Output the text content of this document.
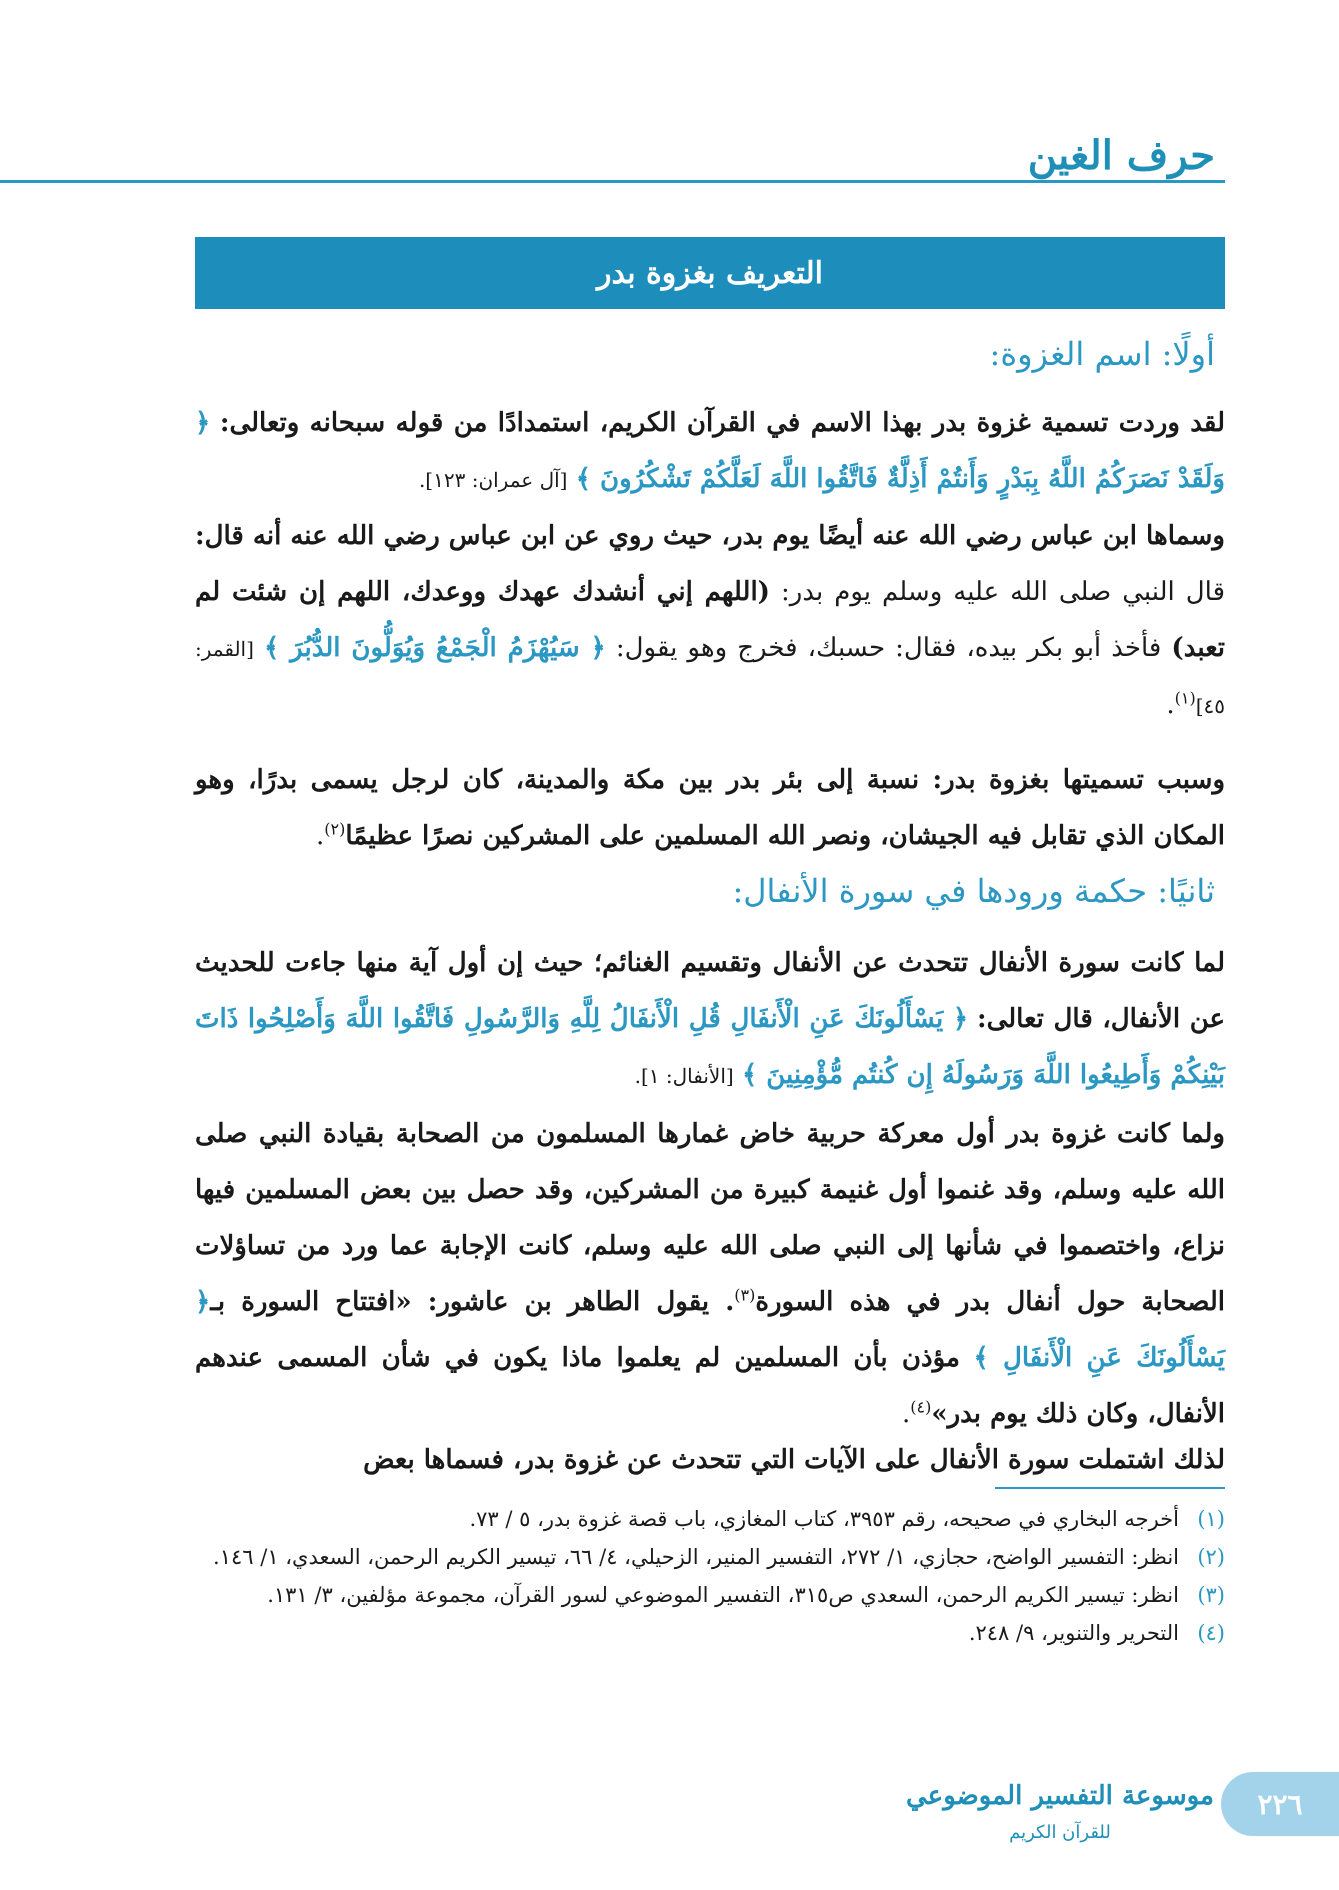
حرف الغين
التعريف بغزوة بدر
أولًا: اسم الغزوة:
لقد وردت تسمية غزوة بدر بهذا الاسم في القرآن الكريم، استمدادًا من قوله سبحانه وتعالى: ﴿ وَلَقَدْ نَصَرَكُمُ اللَّهُ بِبَدْرٍ وَأَنتُمْ أَذِلَّةٌ فَاتَّقُوا اللَّهَ لَعَلَّكُمْ تَشْكُرُونَ ﴾ [آل عمران: ١٢٣].
وسماها ابن عباس رضي الله عنه أيضًا يوم بدر، حيث روي عن ابن عباس رضي الله عنه أنه قال: قال النبي صلى الله عليه وسلم يوم بدر: (اللهم إني أنشدك عهدك ووعدك، اللهم إن شئت لم تعبد) فأخذ أبو بكر بيده، فقال: حسبك، فخرج وهو يقول: ﴿ سَيُهْزَمُ الْجَمْعُ وَيُوَلُّونَ الدُّبُرَ ﴾ [القمر: ٤٥]$^{(١)}$.
وسبب تسميتها بغزوة بدر: نسبة إلى بئر بدر بين مكة والمدينة، كان لرجل يسمى بدرًا، وهو المكان الذي تقابل فيه الجيشان، ونصر الله المسلمين على المشركين نصرًا عظيمًا$^{(٢)}$.
ثانيًا: حكمة ورودها في سورة الأنفال:
لما كانت سورة الأنفال تتحدث عن الأنفال وتقسيم الغنائم؛ حيث إن أول آية منها جاءت للحديث عن الأنفال، قال تعالى: ﴿ يَسْأَلُونَكَ عَنِ الْأَنفَالِ قُلِ الْأَنفَالُ لِلَّهِ وَالرَّسُولِ فَاتَّقُوا اللَّهَ وَأَصْلِحُوا ذَاتَ بَيْنِكُمْ وَأَطِيعُوا اللَّهَ وَرَسُولَهُ إِن كُنتُم مُّؤْمِنِينَ ﴾ [الأنفال: ١].
ولما كانت غزوة بدر أول معركة حربية خاض غمارها المسلمون من الصحابة بقيادة النبي صلى الله عليه وسلم، وقد غنموا أول غنيمة كبيرة من المشركين، وقد حصل بين بعض المسلمين فيها نزاع، واختصموا في شأنها إلى النبي صلى الله عليه وسلم، كانت الإجابة عما ورد من تساؤلات الصحابة حول أنفال بدر في هذه السورة$^{(٣)}$. يقول الطاهر بن عاشور: «افتتاح السورة بـ﴿ يَسْأَلُونَكَ عَنِ الْأَنفَالِ ﴾ مؤذن بأن المسلمين لم يعلموا ماذا يكون في شأن المسمى عندهم الأنفال، وكان ذلك يوم بدر»$^{(٤)}$.
لذلك اشتملت سورة الأنفال على الآيات التي تتحدث عن غزوة بدر، فسماها بعض
(١)
أخرجه البخاري في صحيحه، رقم ٣٩٥٣، كتاب المغازي، باب قصة غزوة بدر، ٥ / ٧٣.
(٢)
انظر: التفسير الواضح، حجازي، ١/ ٢٧٢، التفسير المنير، الزحيلي، ٤/ ٦٦، تيسير الكريم الرحمن، السعدي، ١/ ١٤٦.
(٣)
انظر: تيسير الكريم الرحمن، السعدي ص٣١٥، التفسير الموضوعي لسور القرآن، مجموعة مؤلفين، ٣/ ١٣١.
(٤)
التحرير والتنوير، ٩/ ٢٤٨.
موسوعة التفسير الموضوعي
للقرآن الكريم
٢٢٦
